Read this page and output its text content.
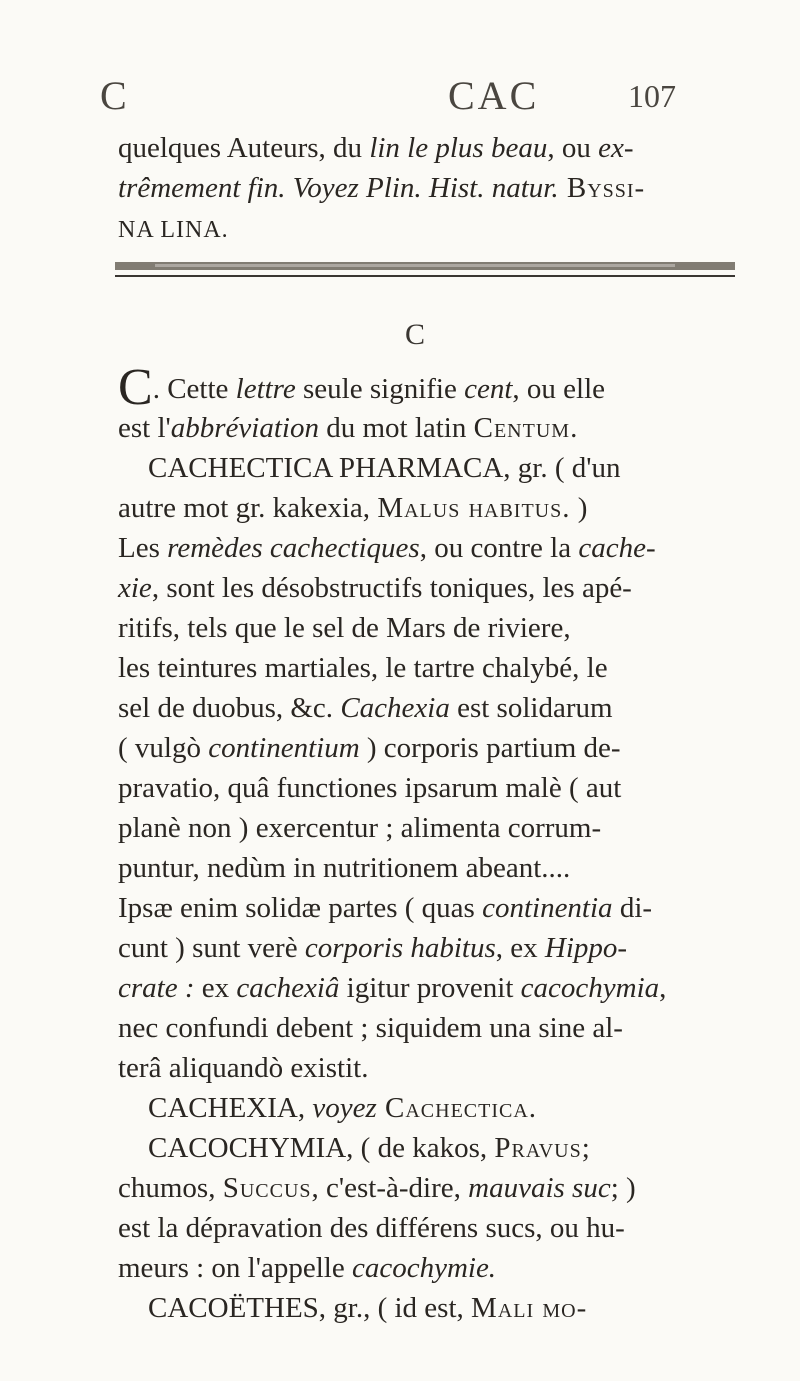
C	CAC	107
quelques Auteurs, du lin le plus beau, ou ex-
trêmement fin. Voyez Plin. Hist. natur. Byssi-
NA LINA.
C
C. Cette lettre seule signifie cent, ou elle
est l'abbréviation du mot latin Centum.
CACHECTICA PHARMACA, gr. ( d'un
autre mot gr. kakexia, Malus habitus. )
Les remèdes cachectiques, ou contre la cache-
xie, sont les désobstructifs toniques, les apé-
ritifs, tels que le sel de Mars de riviere,
les teintures martiales, le tartre chalybé, le
sel de duobus, &c. Cachexia est solidarum
( vulgò continentium ) corporis partium de-
pravatio, quâ functiones ipsarum malè ( aut
planè non ) exercentur ; alimenta corrum-
puntur, nedùm in nutritionem abeant....
Ipsæ enim solidæ partes ( quas continentia di-
cunt ) sunt verè corporis habitus, ex Hippo-
crate : ex cachexiâ igitur provenit cacochymia,
nec confundi debent ; siquidem una sine al-
terâ aliquandò existit.
CACHEXIA, voyez Cachectica.
CACOCHYMIA, ( de kakos, Pravus;
chumos, Succus, c'est-à-dire, mauvais suc; )
est la dépravation des différens sucs, ou hu-
meurs : on l'appelle cacochymie.
CACOËTHES, gr., ( id est, Mali mo-
